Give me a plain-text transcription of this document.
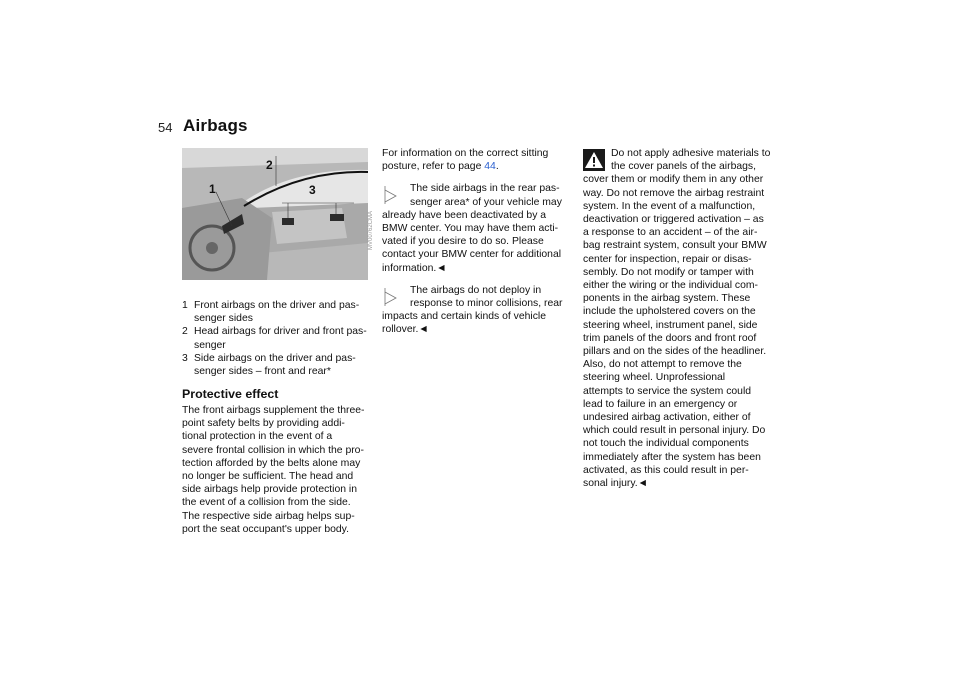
54 Airbags
2
1	3
MV00762CMA
1 Front airbags on the driver and pas-
senger sides
2 Head airbags for driver and front pas-
senger
3 Side airbags on the driver and pas-
senger sides – front and rear*
Protective effect
The front airbags supplement the three-
point safety belts by providing addi-
tional protection in the event of a
severe frontal collision in which the pro-
tection afforded by the belts alone may
no longer be sufficient. The head and
side airbags help provide protection in
the event of a collision from the side.
The respective side airbag helps sup-
port the seat occupant's upper body.
For information on the correct sitting
posture, refer to page 44.
The side airbags in the rear pas-
senger area* of your vehicle may
already have been deactivated by a
BMW center. You may have them acti-
vated if you desire to do so. Please
contact your BMW center for additional
information.◄
The airbags do not deploy in
response to minor collisions, rear
impacts and certain kinds of vehicle
rollover.◄
Do not apply adhesive materials to
the cover panels of the airbags,
cover them or modify them in any other
way. Do not remove the airbag restraint
system. In the event of a malfunction,
deactivation or triggered activation – as
a response to an accident – of the air-
bag restraint system, consult your BMW
center for inspection, repair or disas-
sembly. Do not modify or tamper with
either the wiring or the individual com-
ponents in the airbag system. These
include the upholstered covers on the
steering wheel, instrument panel, side
trim panels of the doors and front roof
pillars and on the sides of the headliner.
Also, do not attempt to remove the
steering wheel. Unprofessional
attempts to service the system could
lead to failure in an emergency or
undesired airbag activation, either of
which could result in personal injury. Do
not touch the individual components
immediately after the system has been
activated, as this could result in per-
sonal injury.◄
